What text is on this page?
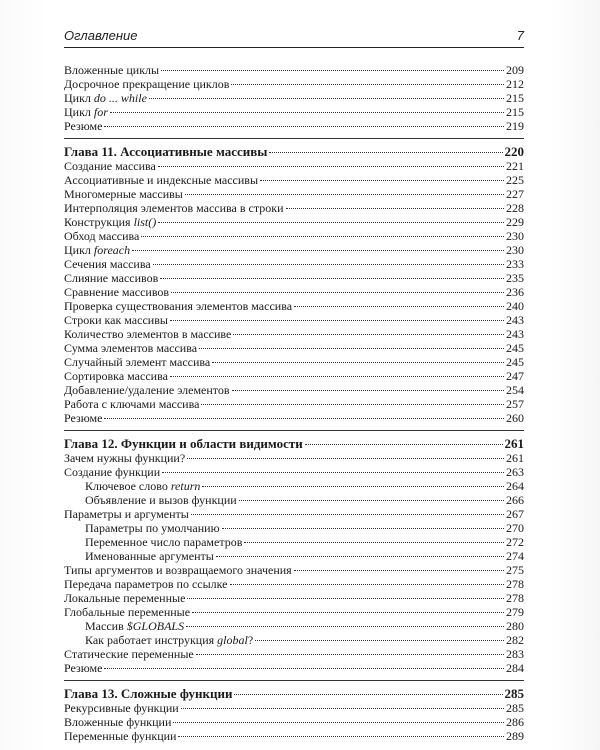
Оглавление	7
Вложенные циклы	209
Досрочное прекращение циклов	212
Цикл do ... while	215
Цикл for	215
Резюме	219
Глава 11. Ассоциативные массивы	220
Создание массива	221
Ассоциативные и индексные массивы	225
Многомерные массивы	227
Интерполяция элементов массива в строки	228
Конструкция list()	229
Обход массива	230
Цикл foreach	230
Сечения массива	233
Слияние массивов	235
Сравнение массивов	236
Проверка существования элементов массива	240
Строки как массивы	243
Количество элементов в массиве	243
Сумма элементов массива	245
Случайный элемент массива	245
Сортировка массива	247
Добавление/удаление элементов	254
Работа с ключами массива	257
Резюме	260
Глава 12. Функции и области видимости	261
Зачем нужны функции?	261
Создание функции	263
Ключевое слово return	264
Объявление и вызов функции	266
Параметры и аргументы	267
Параметры по умолчанию	270
Переменное число параметров	272
Именованные аргументы	274
Типы аргументов и возвращаемого значения	275
Передача параметров по ссылке	278
Локальные переменные	278
Глобальные переменные	279
Массив $GLOBALS	280
Как работает инструкция global?	282
Статические переменные	283
Резюме	284
Глава 13. Сложные функции	285
Рекурсивные функции	285
Вложенные функции	286
Переменные функции	289
